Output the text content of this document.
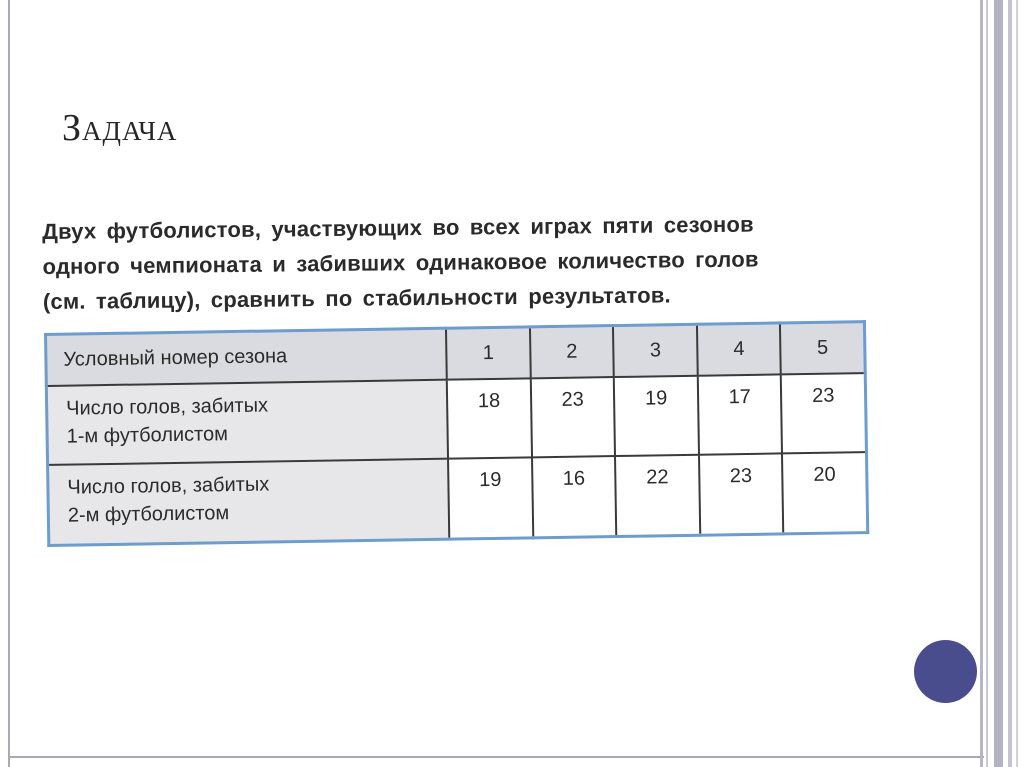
Задача
Двух футболистов, участвующих во всех играх пяти сезонов
одного чемпионата и забивших одинаковое количество голов
(см. таблицу), сравнить по стабильности результатов.
Условный номер сезона	1	2	3	4	5

Число голов, забитых
1-м футболистом	18	23	19	17	23

Число голов, забитых
2-м футболистом	19	16	22	23	20
